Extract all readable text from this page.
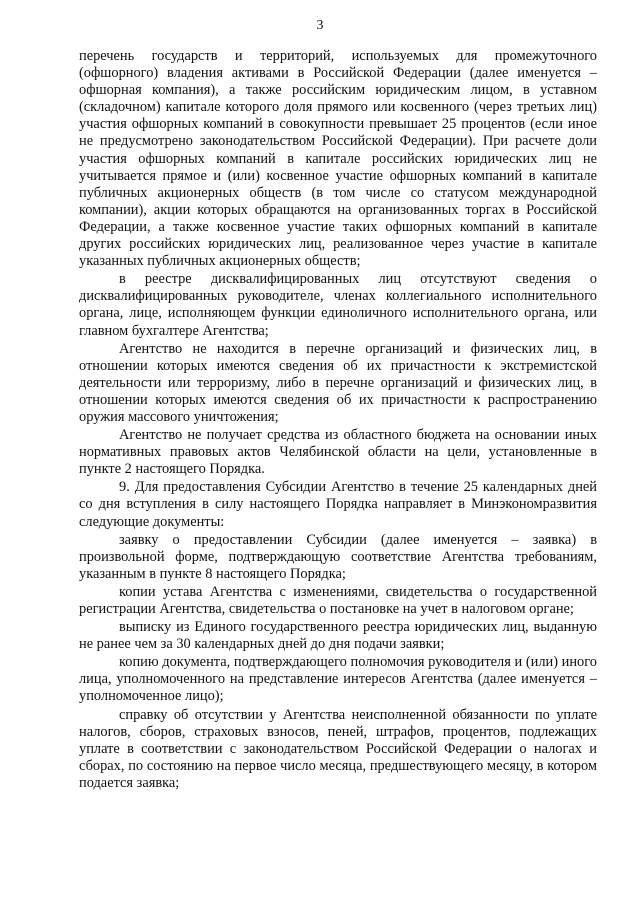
3

перечень государств и территорий, используемых для промежуточного (офшорного) владения активами в Российской Федерации (далее именуется – офшорная компания), а также российским юридическим лицом, в уставном (складочном) капитале которого доля прямого или косвенного (через третьих лиц) участия офшорных компаний в совокупности превышает 25 процентов (если иное не предусмотрено законодательством Российской Федерации). При расчете доли участия офшорных компаний в капитале российских юридических лиц не учитывается прямое и (или) косвенное участие офшорных компаний в капитале публичных акционерных обществ (в том числе со статусом международной компании), акции которых обращаются на организованных торгах в Российской Федерации, а также косвенное участие таких офшорных компаний в капитале других российских юридических лиц, реализованное через участие в капитале указанных публичных акционерных обществ;

в реестре дисквалифицированных лиц отсутствуют сведения о дисквалифицированных руководителе, членах коллегиального исполнительного органа, лице, исполняющем функции единоличного исполнительного органа, или главном бухгалтере Агентства;

Агентство не находится в перечне организаций и физических лиц, в отношении которых имеются сведения об их причастности к экстремистской деятельности или терроризму, либо в перечне организаций и физических лиц, в отношении которых имеются сведения об их причастности к распространению оружия массового уничтожения;

Агентство не получает средства из областного бюджета на основании иных нормативных правовых актов Челябинской области на цели, установленные в пункте 2 настоящего Порядка.

9. Для предоставления Субсидии Агентство в течение 25 календарных дней со дня вступления в силу настоящего Порядка направляет в Минэкономразвития следующие документы:

заявку о предоставлении Субсидии (далее именуется – заявка) в произвольной форме, подтверждающую соответствие Агентства требованиям, указанным в пункте 8 настоящего Порядка;

копии устава Агентства с изменениями, свидетельства о государственной регистрации Агентства, свидетельства о постановке на учет в налоговом органе;

выписку из Единого государственного реестра юридических лиц, выданную не ранее чем за 30 календарных дней до дня подачи заявки;

копию документа, подтверждающего полномочия руководителя и (или) иного лица, уполномоченного на представление интересов Агентства (далее именуется – уполномоченное лицо);

справку об отсутствии у Агентства неисполненной обязанности по уплате налогов, сборов, страховых взносов, пеней, штрафов, процентов, подлежащих уплате в соответствии с законодательством Российской Федерации о налогах и сборах, по состоянию на первое число месяца, предшествующего месяцу, в котором подается заявка;
